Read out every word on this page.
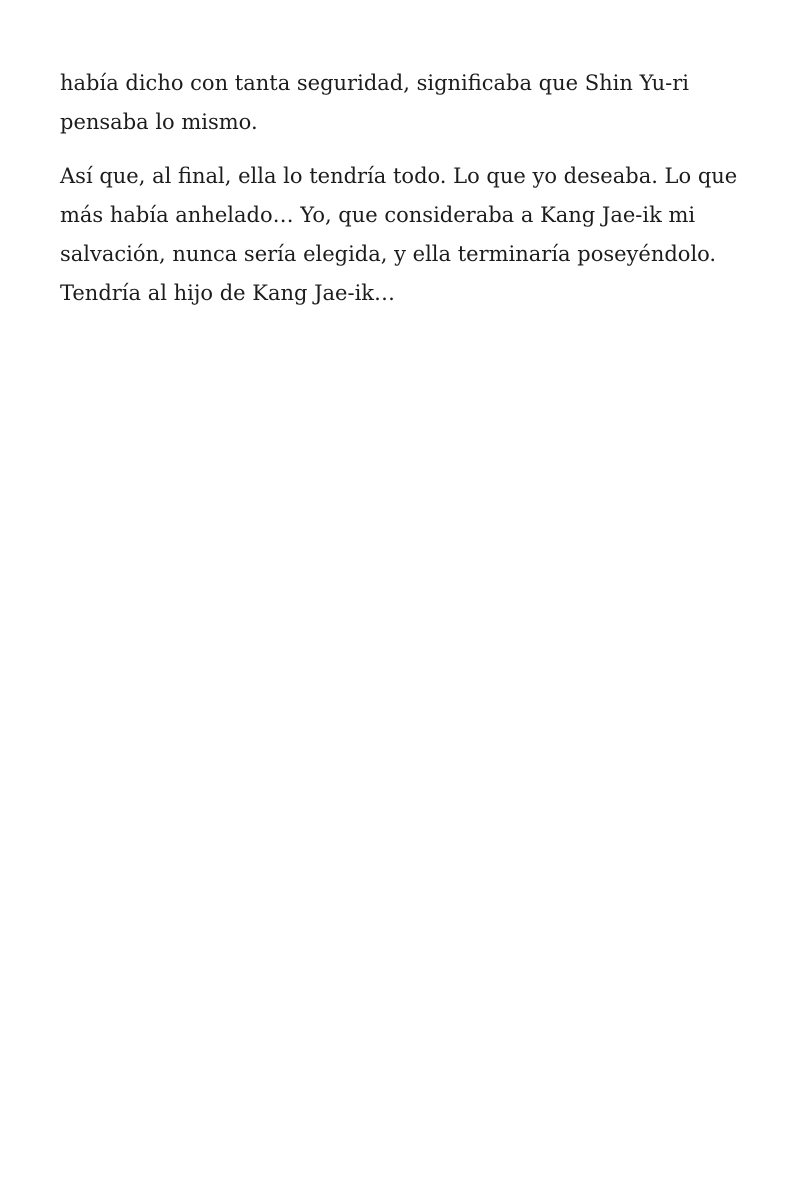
había dicho con tanta seguridad, significaba que Shin Yu-ri pensaba lo mismo.

Así que, al final, ella lo tendría todo. Lo que yo deseaba. Lo que más había anhelado… Yo, que consideraba a Kang Jae-ik mi salvación, nunca sería elegida, y ella terminaría poseyéndolo. Tendría al hijo de Kang Jae-ik…
